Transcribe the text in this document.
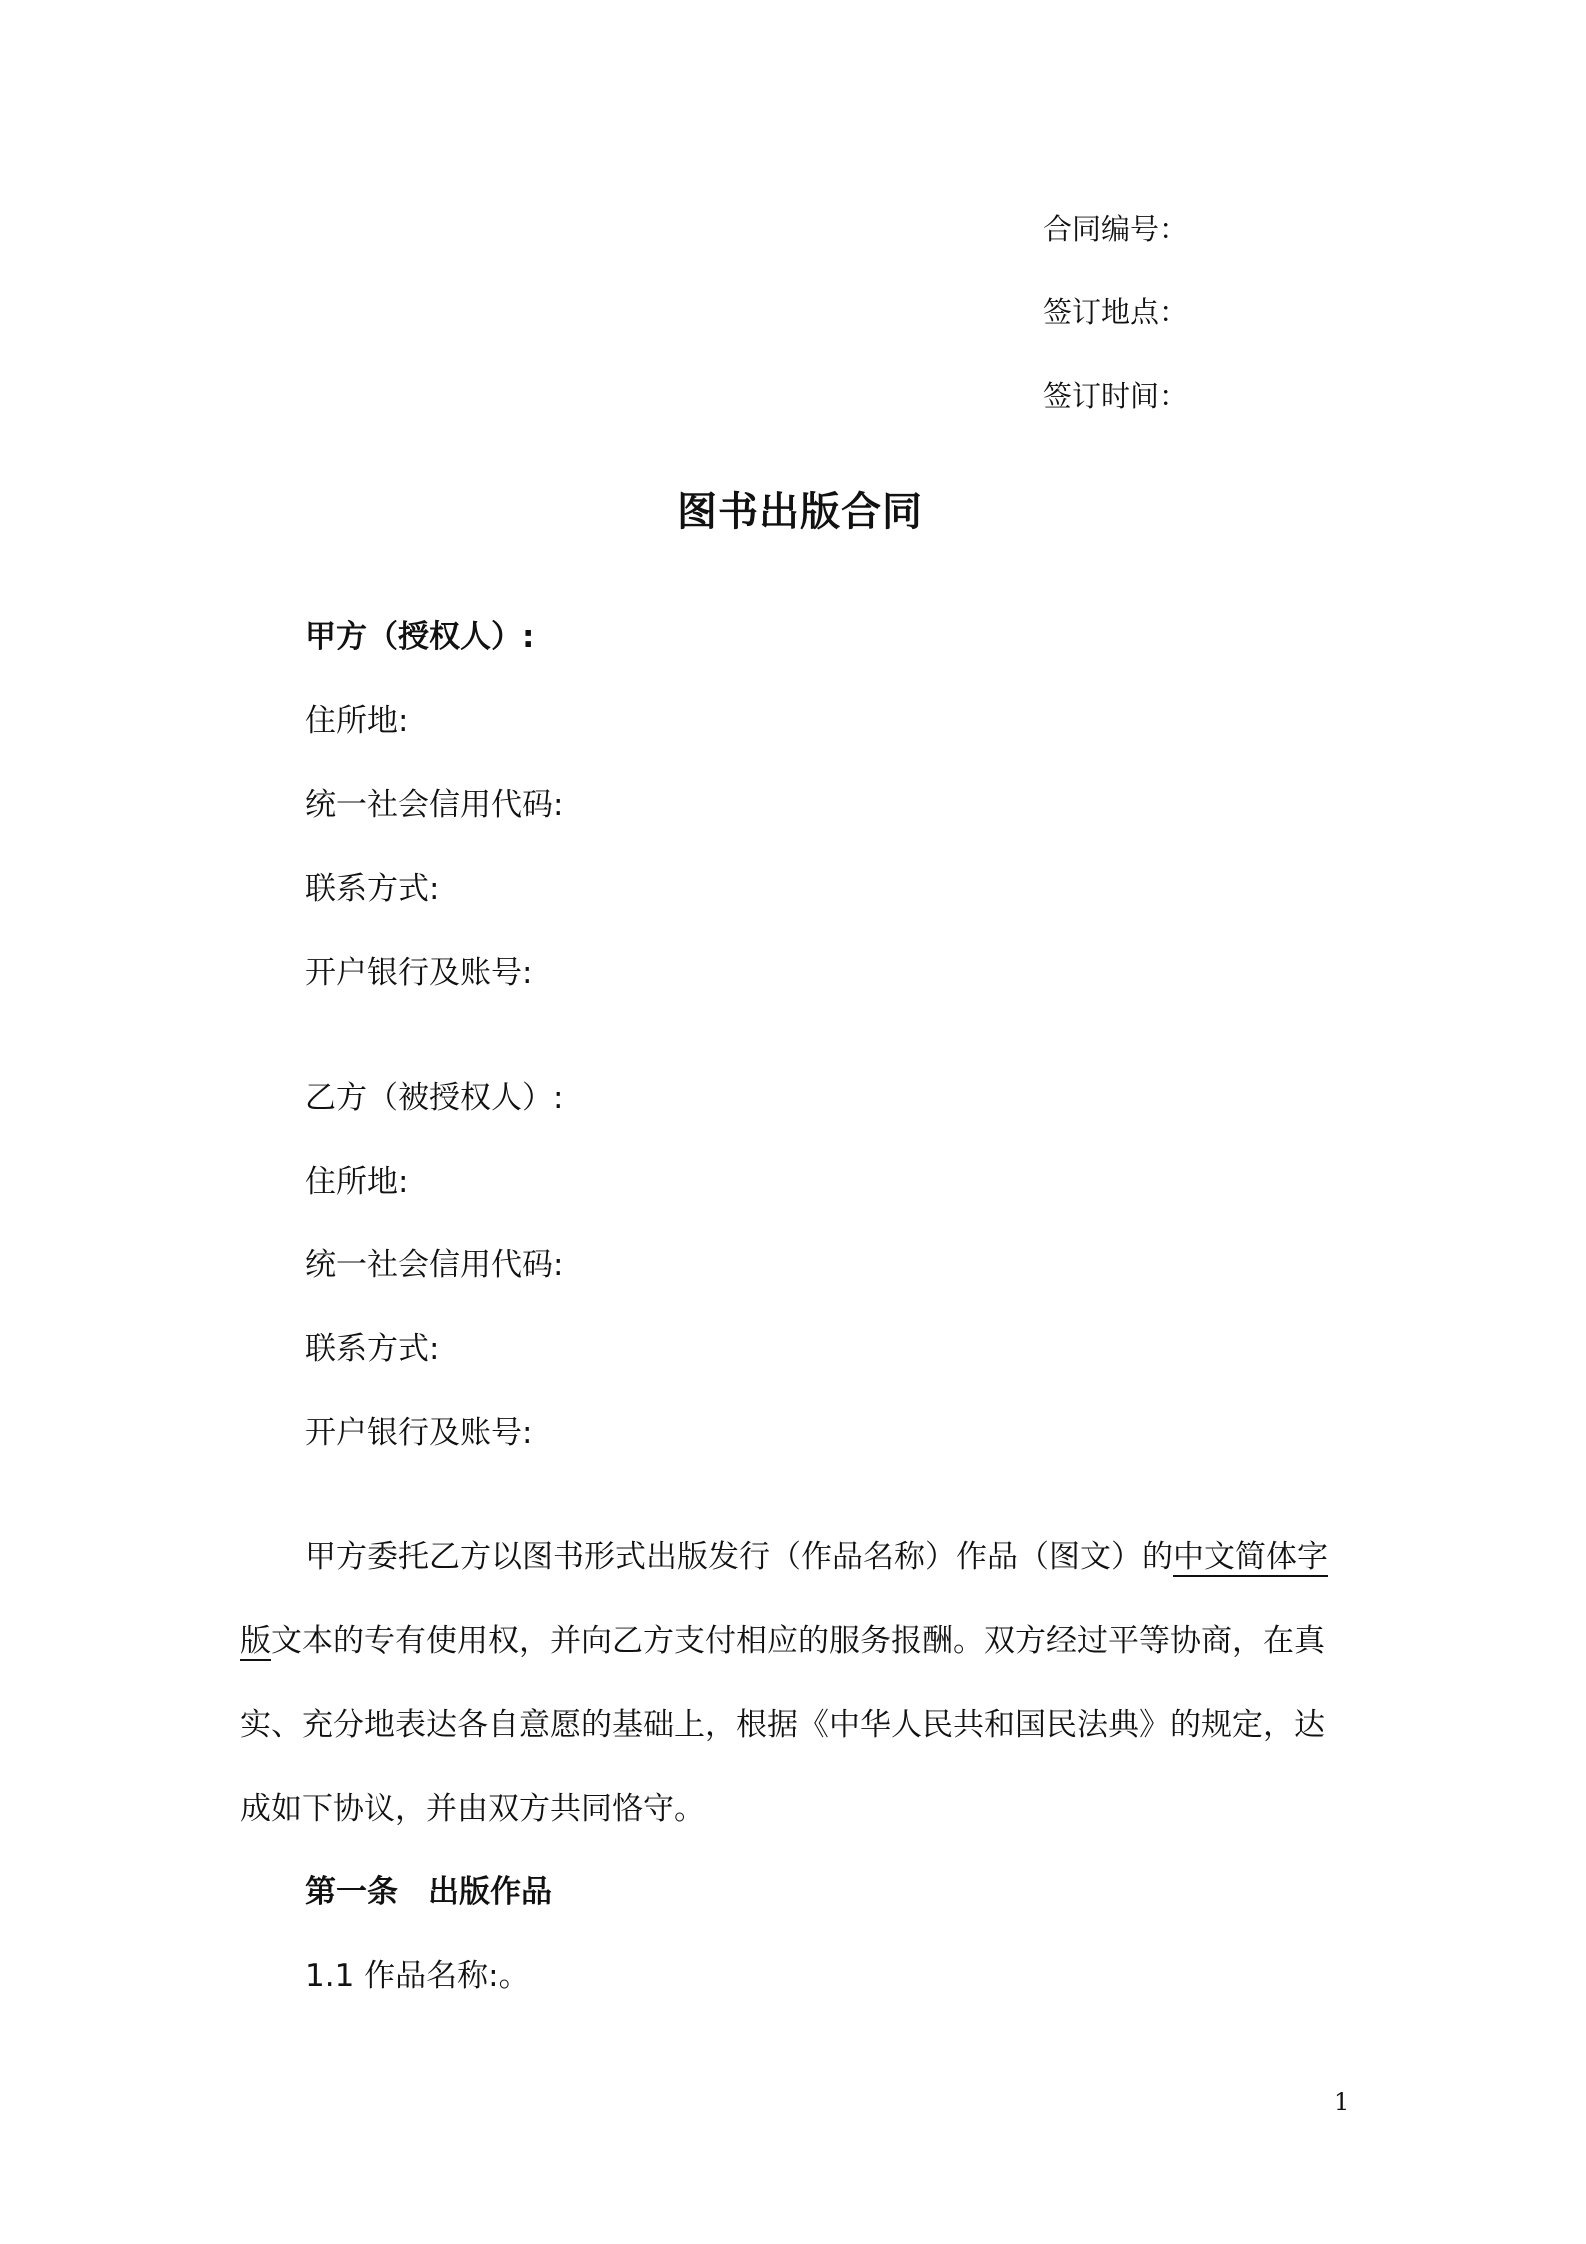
合同编号：
签订地点：
签订时间：
图书出版合同
甲方（授权人）:
住所地:
统一社会信用代码:
联系方式:
开户银行及账号:
乙方（被授权人）:
住所地:
统一社会信用代码:
联系方式:
开户银行及账号:
甲方委托乙方以图书形式出版发行（作品名称）作品（图文）的中文简体字
版文本的专有使用权，并向乙方支付相应的服务报酬。双方经过平等协商，在真
实、充分地表达各自意愿的基础上，根据《中华人民共和国民法典》的规定，达
成如下协议，并由双方共同恪守。
第一条 出版作品
1.1 作品名称:。
1
